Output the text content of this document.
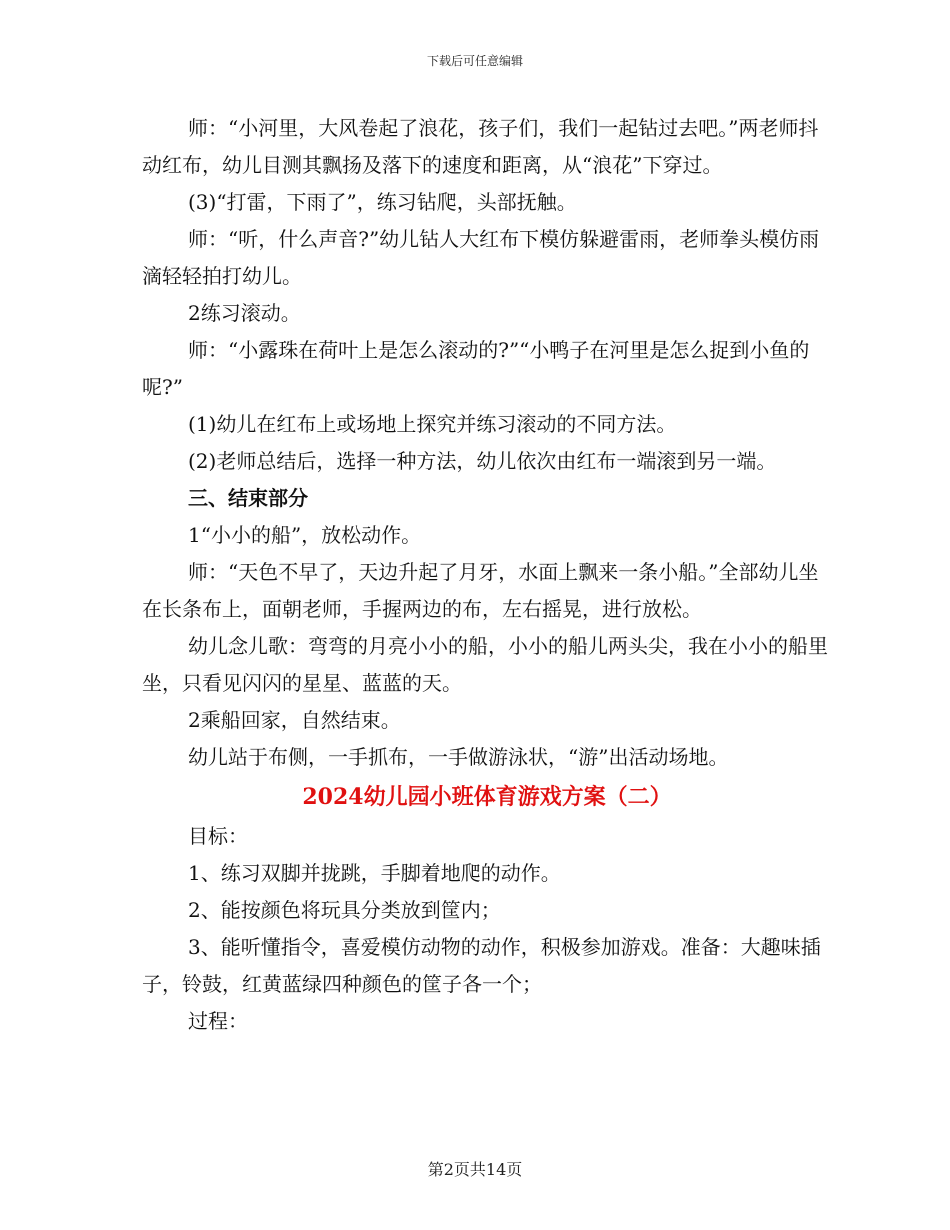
下载后可任意编辑

师：“小河里，大风卷起了浪花，孩子们，我们一起钻过去吧。”两老师抖动红布，幼儿目测其飘扬及落下的速度和距离，从“浪花”下穿过。

(3)“打雷，下雨了”，练习钻爬，头部抚触。

师：“听，什么声音?”幼儿钻人大红布下模仿躲避雷雨，老师拳头模仿雨滴轻轻拍打幼儿。

2练习滚动。

师：“小露珠在荷叶上是怎么滚动的?”“小鸭子在河里是怎么捉到小鱼的呢?”

(1)幼儿在红布上或场地上探究并练习滚动的不同方法。

(2)老师总结后，选择一种方法，幼儿依次由红布一端滚到另一端。

三、结束部分

1“小小的船”，放松动作。

师：“天色不早了，天边升起了月牙，水面上飘来一条小船。”全部幼儿坐在长条布上，面朝老师，手握两边的布，左右摇晃，进行放松。

幼儿念儿歌：弯弯的月亮小小的船，小小的船儿两头尖，我在小小的船里坐，只看见闪闪的星星、蓝蓝的天。

2乘船回家，自然结束。

幼儿站于布侧，一手抓布，一手做游泳状，“游”出活动场地。

2024幼儿园小班体育游戏方案（二）

目标：

1、练习双脚并拢跳，手脚着地爬的动作。

2、能按颜色将玩具分类放到筐内；

3、能听懂指令，喜爱模仿动物的动作，积极参加游戏。准备：大趣味插子，铃鼓，红黄蓝绿四种颜色的筐子各一个；

过程：

第2页共14页
